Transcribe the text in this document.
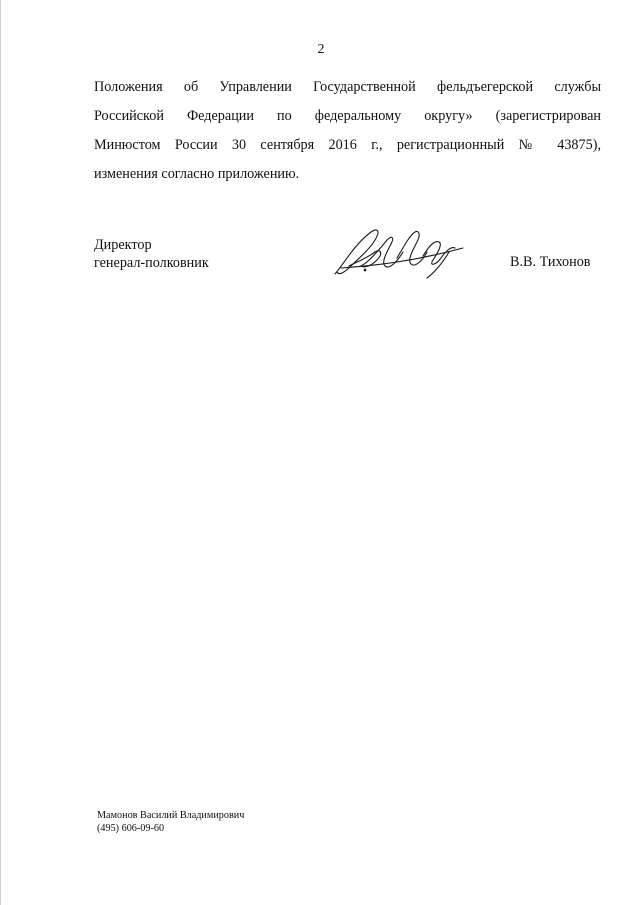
2
Положения об Управлении Государственной фельдъегерской службы
Российской Федерации по федеральному округу» (зарегистрирован
Минюстом России 30 сентября 2016 г., регистрационный № 43875),
изменения согласно приложению.
Директор
генерал-полковник	В.В. Тихонов
Мамонов Василий Владимирович
(495) 606-09-60
